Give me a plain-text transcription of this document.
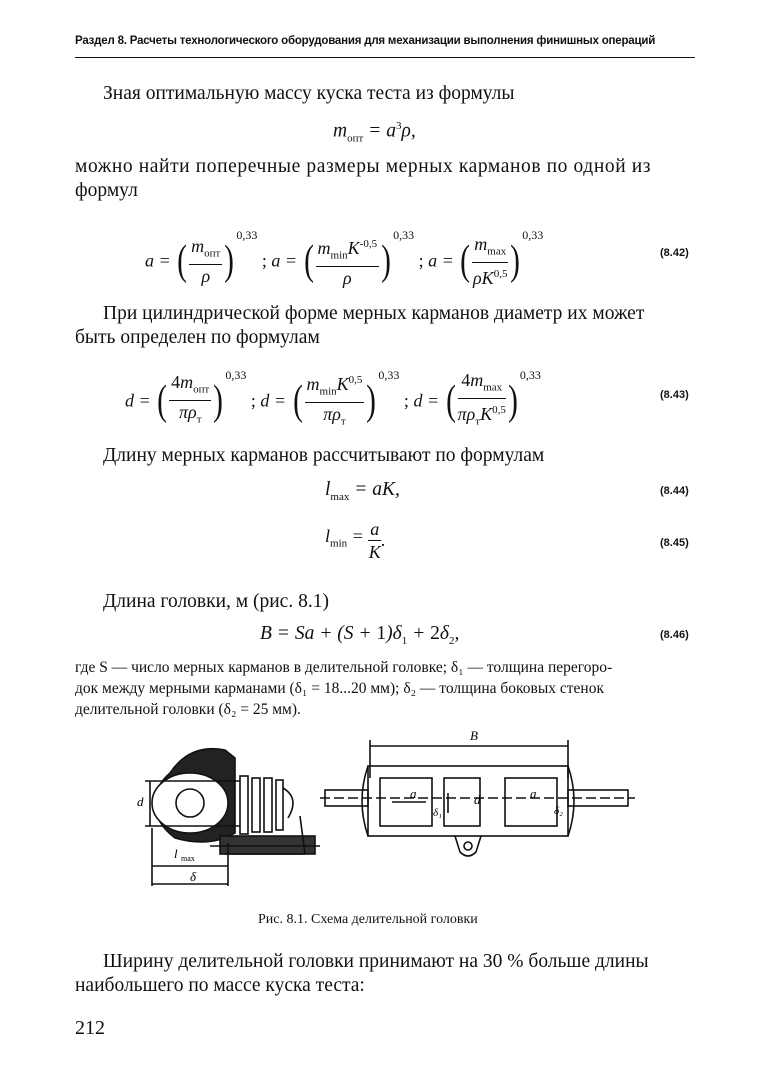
Раздел 8. Расчеты технологического оборудования для механизации выполнения финишных операций
Зная оптимальную массу куска теста из формулы
$m_{опт} = a^3\rho$,
можно найти поперечные размеры мерных карманов по одной из
формул
a = ( $\frac{m_{опт}}{\rho} )^{0,33}$ ; a = ( $\frac{m_{min}K^{-0,5}}{\rho} )^{0,33}$ ; a = ( $\frac{m_{max}}{\rho K^{0,5}} )^{0,33}$
(8.42)
При цилиндрической форме мерных карманов диаметр их может
быть определен по формулам
d = ( $\frac{4m_{опт}}{\pi\rho_т} )^{0,33}$ ; d = ( $\frac{m_{min}K^{0,5}}{\pi\rho_т} )^{0,33}$ ; d = ( $\frac{4m_{max}}{\pi\rho_тK^{0,5}} )^{0,33}$
(8.43)
Длину мерных карманов рассчитывают по формулам
$l_{max}$ = aK,	(8.44)
$l_{min} = \frac{a}{K}$ .	(8.45)
Длина головки, м (рис. 8.1)
$B = Sa + (S + 1)\delta_1 + 2\delta_2$,	(8.46)
где S — число мерных карманов в делительной головке; δ₁ — толщина перегоро-
док между мерными карманами (δ₁ = 18...20 мм); δ₂ — толщина боковых стенок
делительной головки (δ₂ = 25 мм).
d
l max
δ
B
a	a
d
δ₁	δ₂
Рис. 8.1. Схема делительной головки
Ширину делительной головки принимают на 30 % больше длины
наибольшего по массе куска теста:
212
